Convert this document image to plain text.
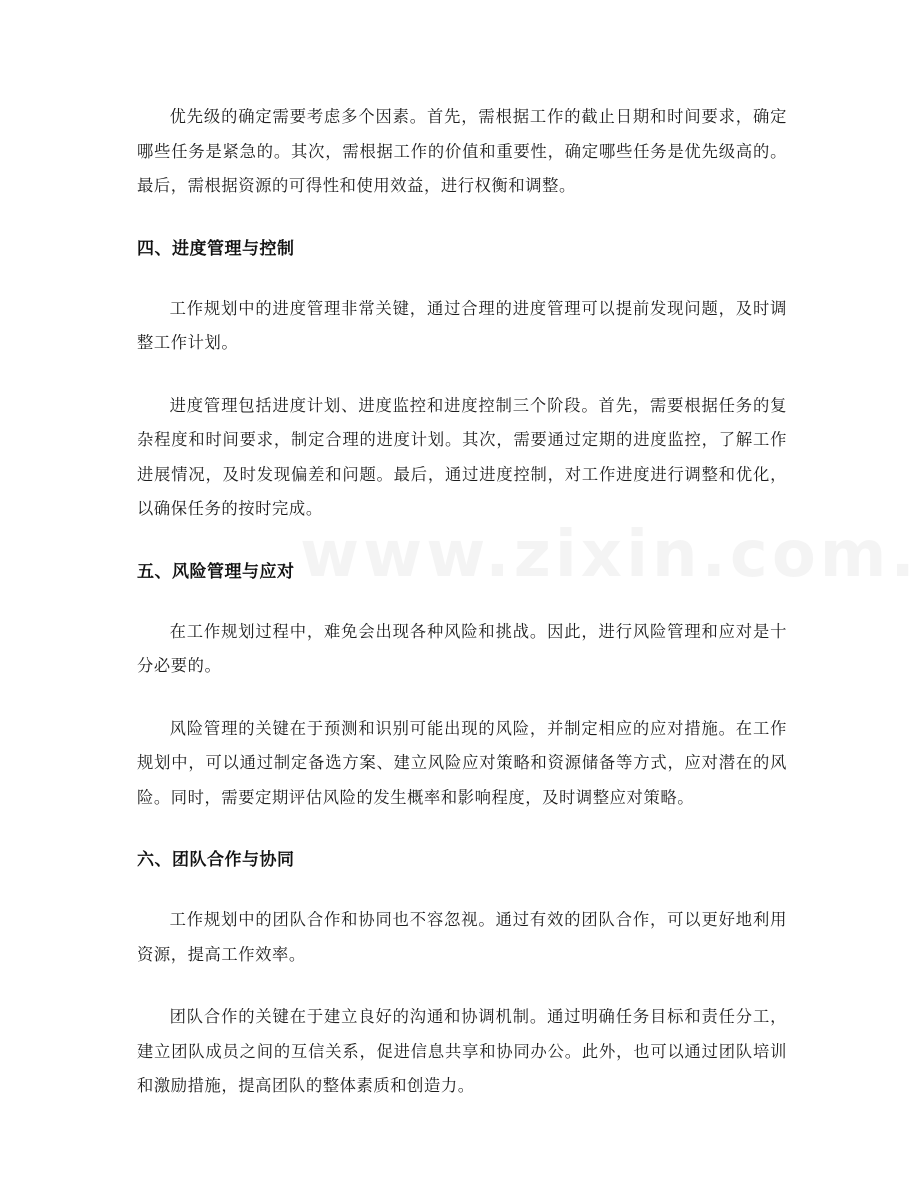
优先级的确定需要考虑多个因素。首先，需根据工作的截止日期和时间要求，确定哪些任务是紧急的。其次，需根据工作的价值和重要性，确定哪些任务是优先级高的。最后，需根据资源的可得性和使用效益，进行权衡和调整。

四、进度管理与控制

工作规划中的进度管理非常关键，通过合理的进度管理可以提前发现问题，及时调整工作计划。

进度管理包括进度计划、进度监控和进度控制三个阶段。首先，需要根据任务的复杂程度和时间要求，制定合理的进度计划。其次，需要通过定期的进度监控，了解工作进展情况，及时发现偏差和问题。最后，通过进度控制，对工作进度进行调整和优化，以确保任务的按时完成。

五、风险管理与应对

在工作规划过程中，难免会出现各种风险和挑战。因此，进行风险管理和应对是十分必要的。

风险管理的关键在于预测和识别可能出现的风险，并制定相应的应对措施。在工作规划中，可以通过制定备选方案、建立风险应对策略和资源储备等方式，应对潜在的风险。同时，需要定期评估风险的发生概率和影响程度，及时调整应对策略。

六、团队合作与协同

工作规划中的团队合作和协同也不容忽视。通过有效的团队合作，可以更好地利用资源，提高工作效率。

团队合作的关键在于建立良好的沟通和协调机制。通过明确任务目标和责任分工，建立团队成员之间的互信关系，促进信息共享和协同办公。此外，也可以通过团队培训和激励措施，提高团队的整体素质和创造力。
